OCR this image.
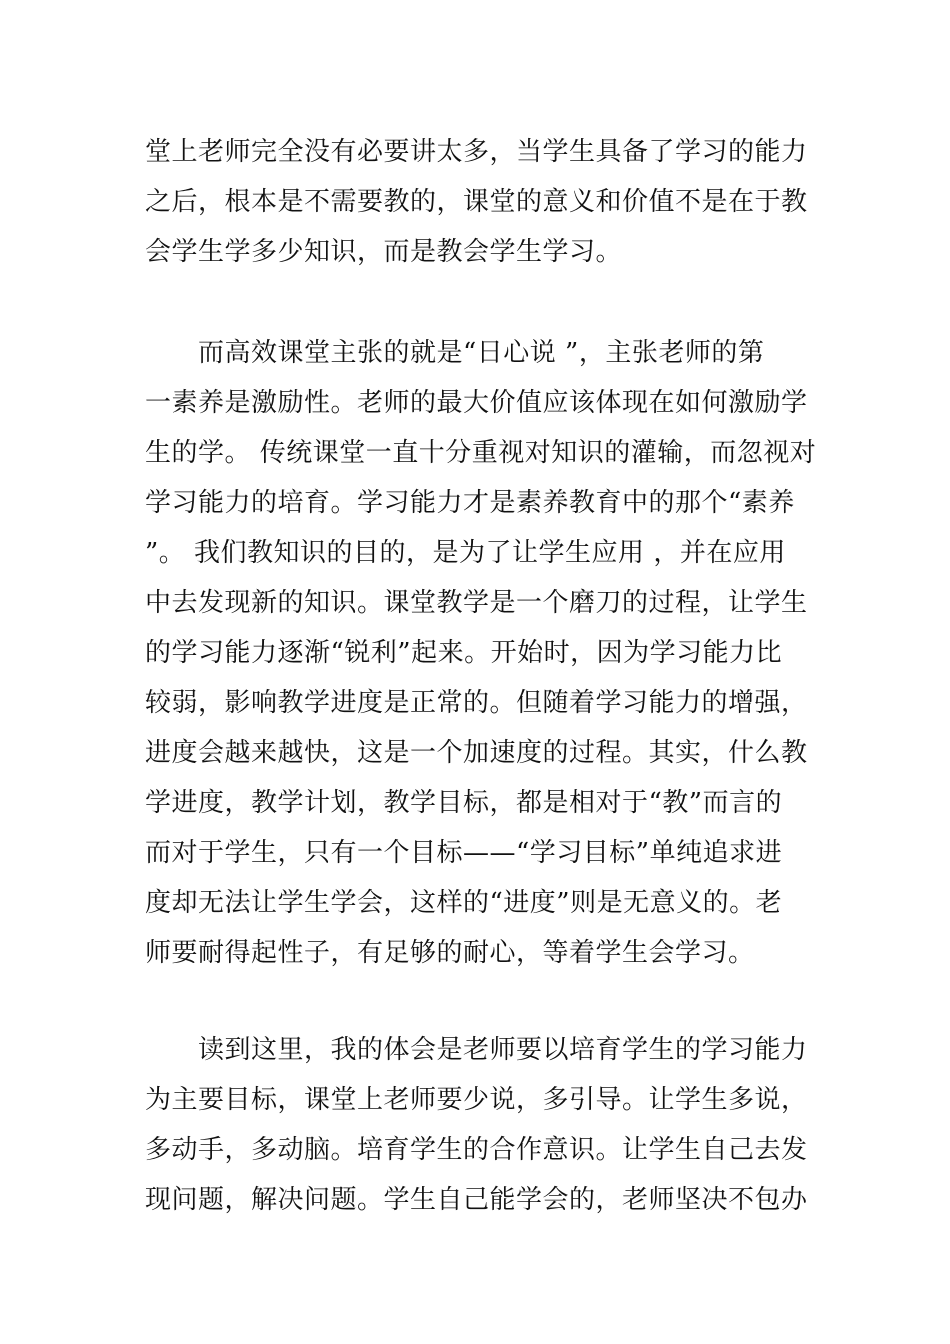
堂上老师完全没有必要讲太多，当学生具备了学习的能力
之后，根本是不需要教的，课堂的意义和价值不是在于教
会学生学多少知识，而是教会学生学习。
　　而高效课堂主张的就是“日心说 ”，主张老师的第
一素养是激励性。老师的最大价值应该体现在如何激励学
生的学。 传统课堂一直十分重视对知识的灌输，而忽视对
学习能力的培育。学习能力才是素养教育中的那个“素养
”。 我们教知识的目的，是为了让学生应用 ，并在应用
中去发现新的知识。课堂教学是一个磨刀的过程，让学生
的学习能力逐渐“锐利”起来。开始时，因为学习能力比
较弱，影响教学进度是正常的。但随着学习能力的增强，
进度会越来越快，这是一个加速度的过程。其实，什么教
学进度，教学计划，教学目标，都是相对于“教”而言的
而对于学生，只有一个目标——“学习目标”单纯追求进
度却无法让学生学会，这样的“进度”则是无意义的。老
师要耐得起性子，有足够的耐心，等着学生会学习。
　　读到这里，我的体会是老师要以培育学生的学习能力
为主要目标，课堂上老师要少说，多引导。让学生多说，
多动手，多动脑。培育学生的合作意识。让学生自己去发
现问题，解决问题。学生自己能学会的，老师坚决不包办
